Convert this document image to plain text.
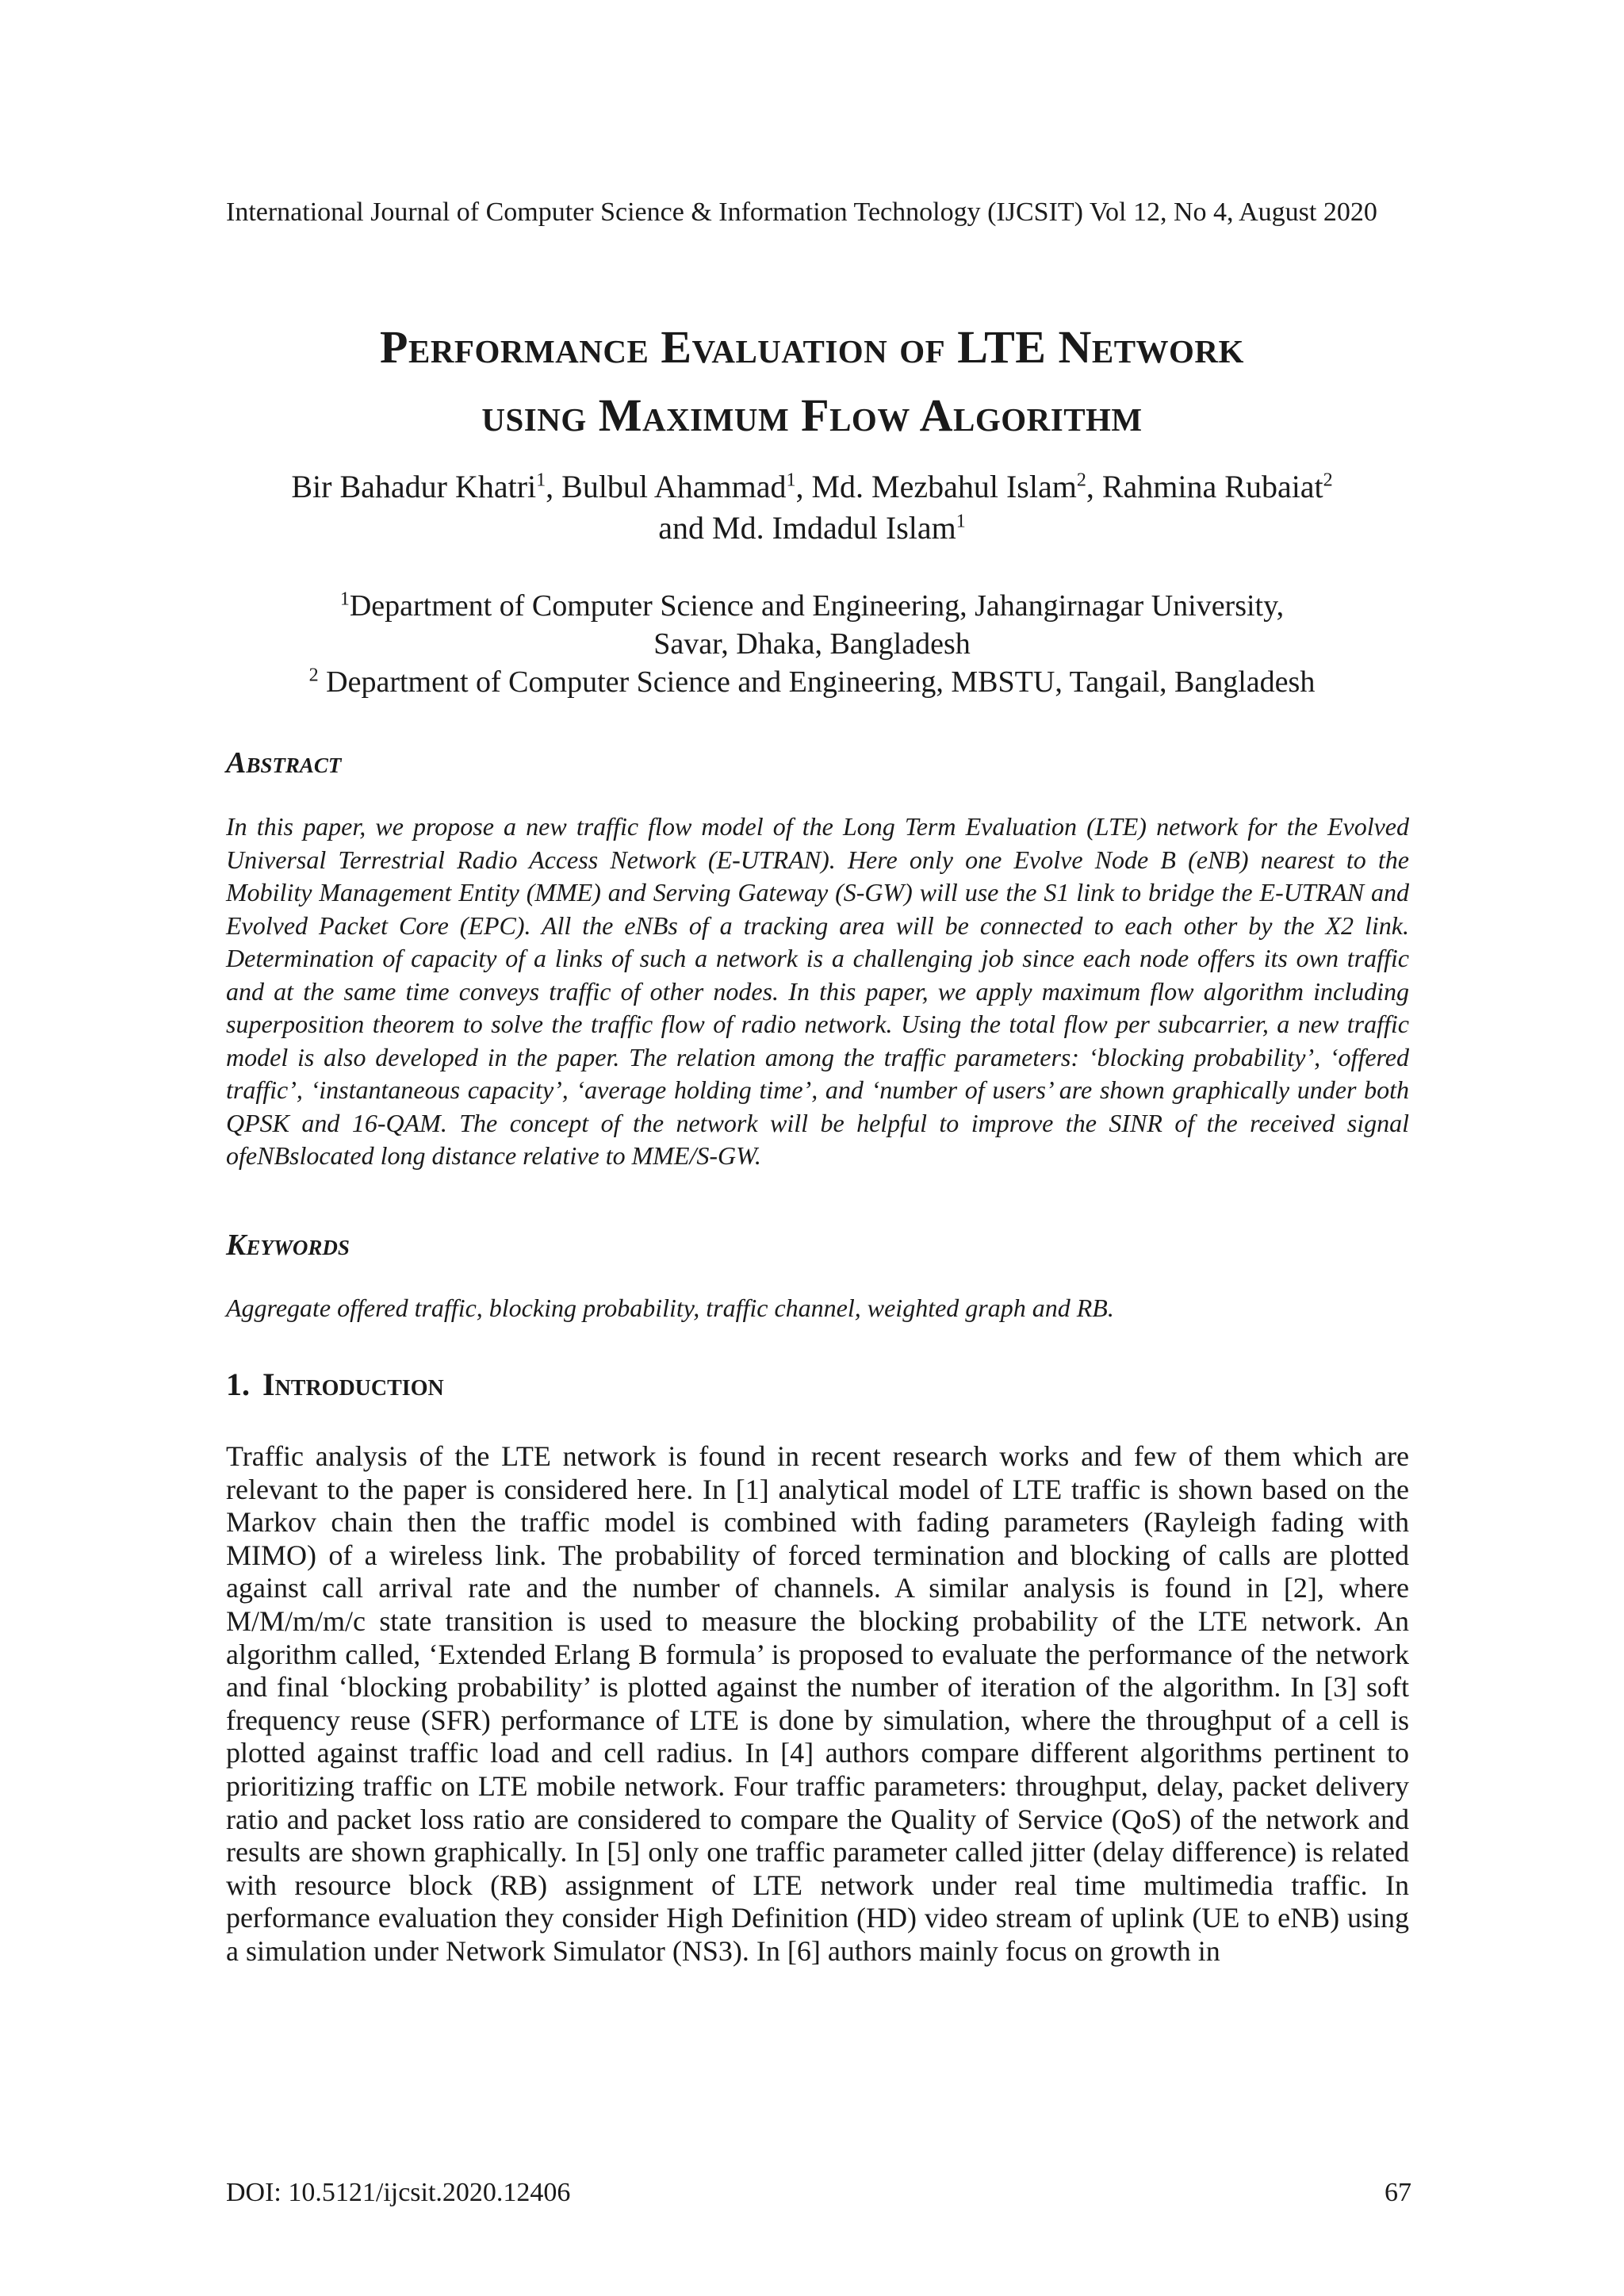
International Journal of Computer Science & Information Technology (IJCSIT) Vol 12, No 4, August 2020
Performance Evaluation of LTE Network
using Maximum Flow Algorithm
Bir Bahadur Khatri$^1$, Bulbul Ahammad$^1$, Md. Mezbahul Islam$^2$, Rahmina Rubaiat$^2$
and Md. Imdadul Islam$^1$
$^1$Department of Computer Science and Engineering, Jahangirnagar University,
Savar, Dhaka, Bangladesh
$^2$ Department of Computer Science and Engineering, MBSTU, Tangail, Bangladesh
Abstract
In this paper, we propose a new traffic flow model of the Long Term Evaluation (LTE) network for the Evolved Universal Terrestrial Radio Access Network (E-UTRAN). Here only one Evolve Node B (eNB) nearest to the Mobility Management Entity (MME) and Serving Gateway (S-GW) will use the S1 link to bridge the E-UTRAN and Evolved Packet Core (EPC). All the eNBs of a tracking area will be connected to each other by the X2 link. Determination of capacity of a links of such a network is a challenging job since each node offers its own traffic and at the same time conveys traffic of other nodes. In this paper, we apply maximum flow algorithm including superposition theorem to solve the traffic flow of radio network. Using the total flow per subcarrier, a new traffic model is also developed in the paper. The relation among the traffic parameters: ‘blocking probability’, ‘offered traffic’, ‘instantaneous capacity’, ‘average holding time’, and ‘number of users’ are shown graphically under both QPSK and 16-QAM. The concept of the network will be helpful to improve the SINR of the received signal ofeNBslocated long distance relative to MME/S-GW.
Keywords
Aggregate offered traffic, blocking probability, traffic channel, weighted graph and RB.
1. Introduction
Traffic analysis of the LTE network is found in recent research works and few of them which are relevant to the paper is considered here. In [1] analytical model of LTE traffic is shown based on the Markov chain then the traffic model is combined with fading parameters (Rayleigh fading with MIMO) of a wireless link. The probability of forced termination and blocking of calls are plotted against call arrival rate and the number of channels. A similar analysis is found in [2], where M/M/m/m/c state transition is used to measure the blocking probability of the LTE network. An algorithm called, ‘Extended Erlang B formula’ is proposed to evaluate the performance of the network and final ‘blocking probability’ is plotted against the number of iteration of the algorithm. In [3] soft frequency reuse (SFR) performance of LTE is done by simulation, where the throughput of a cell is plotted against traffic load and cell radius. In [4] authors compare different algorithms pertinent to prioritizing traffic on LTE mobile network. Four traffic parameters: throughput, delay, packet delivery ratio and packet loss ratio are considered to compare the Quality of Service (QoS) of the network and results are shown graphically. In [5] only one traffic parameter called jitter (delay difference) is related with resource block (RB) assignment of LTE network under real time multimedia traffic. In performance evaluation they consider High Definition (HD) video stream of uplink (UE to eNB) using a simulation under Network Simulator (NS3). In [6] authors mainly focus on growth in
DOI: 10.5121/ijcsit.2020.12406	67
